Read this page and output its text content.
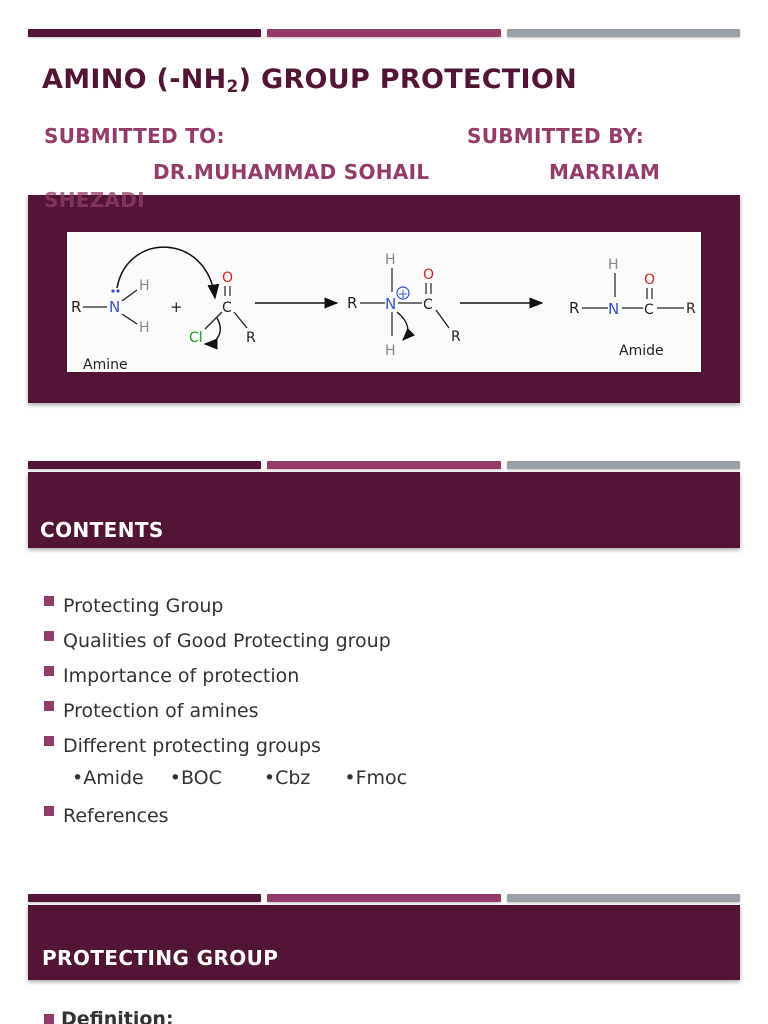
AMINO $(-NH_2)$ GROUP PROTECTION
SUBMITTED TO:	SUBMITTED BY:
DR.MUHAMMAD SOHAIL	MARRIAM
SHEZADI
R N
H
H
Amine
+
O
C
Cl	R
H
R N
+
H
O
C
R
H
R N
O
C R
Amide
CONTENTS
Protecting Group
Qualities of Good Protecting group
Importance of protection
Protection of amines
Different protecting groups
References
•Amide •BOC •Cbz •Fmoc
PROTECTING GROUP
Definition:
